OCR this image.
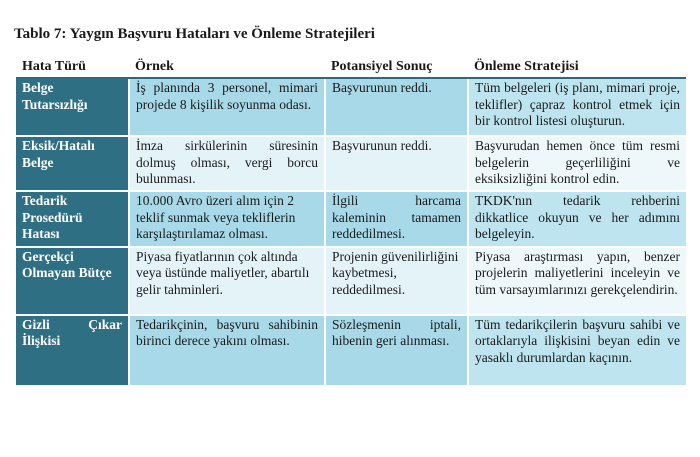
Tablo 7: Yaygın Başvuru Hataları ve Önleme Stratejileri
Hata Türü	Örnek	Potansiyel Sonuç	Önleme Stratejisi
Belge Tutarsızlığı	İş planında 3 personel, mimari projede 8 kişilik soyunma odası.	Başvurunun reddi.	Tüm belgeleri (iş planı, mimari proje, teklifler) çapraz kontrol etmek için bir kontrol listesi oluşturun.
Eksik/Hatalı Belge	İmza sirkülerinin süresinin dolmuş olması, vergi borcu bulunması.	Başvurunun reddi.	Başvurudan hemen önce tüm resmi belgelerin geçerliliğini ve eksiksizliğini kontrol edin.
Tedarik Prosedürü Hatası	10.000 Avro üzeri alım için 2 teklif sunmak veya tekliflerin karşılaştırılamaz olması.	İlgili harcama kaleminin tamamen reddedilmesi.	TKDK'nın tedarik rehberini dikkatlice okuyun ve her adımını belgeleyin.
Gerçekçi Olmayan Bütçe	Piyasa fiyatlarının çok altında veya üstünde maliyetler, abartılı gelir tahminleri.	Projenin güvenilirliğini kaybetmesi, reddedilmesi.	Piyasa araştırması yapın, benzer projelerin maliyetlerini inceleyin ve tüm varsayımlarınızı gerekçelendirin.
Gizli Çıkar İlişkisi	Tedarikçinin, başvuru sahibinin birinci derece yakını olması.	Sözleşmenin iptali, hibenin geri alınması.	Tüm tedarikçilerin başvuru sahibi ve ortaklarıyla ilişkisini beyan edin ve yasaklı durumlardan kaçının.
